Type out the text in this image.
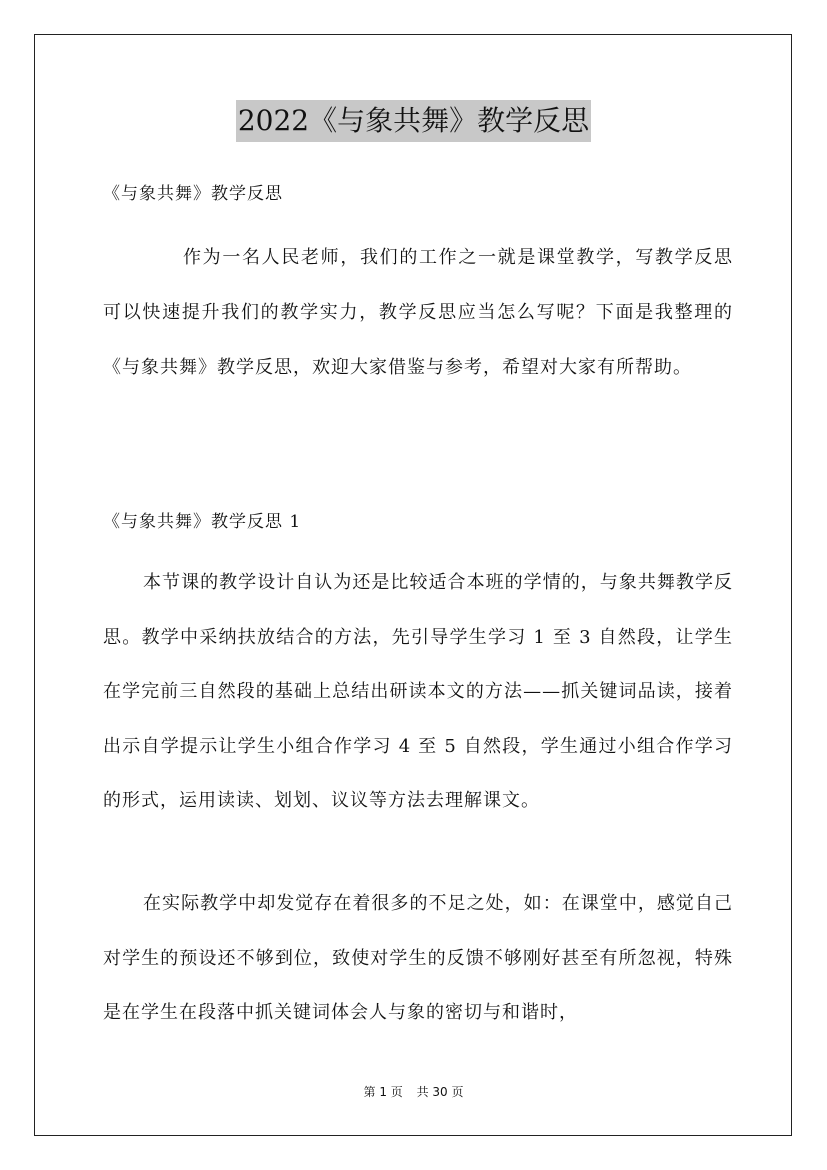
2022《与象共舞》教学反思

《与象共舞》教学反思

作为一名人民老师，我们的工作之一就是课堂教学，写教学反思可以快速提升我们的教学实力，教学反思应当怎么写呢？下面是我整理的《与象共舞》教学反思，欢迎大家借鉴与参考，希望对大家有所帮助。

《与象共舞》教学反思 1

本节课的教学设计自认为还是比较适合本班的学情的，与象共舞教学反思。教学中采纳扶放结合的方法，先引导学生学习 1 至 3 自然段，让学生在学完前三自然段的基础上总结出研读本文的方法——抓关键词品读，接着出示自学提示让学生小组合作学习 4 至 5 自然段，学生通过小组合作学习的形式，运用读读、划划、议议等方法去理解课文。

在实际教学中却发觉存在着很多的不足之处，如：在课堂中，感觉自己对学生的预设还不够到位，致使对学生的反馈不够刚好甚至有所忽视，特殊是在学生在段落中抓关键词体会人与象的密切与和谐时，

第 1 页 共 30 页
